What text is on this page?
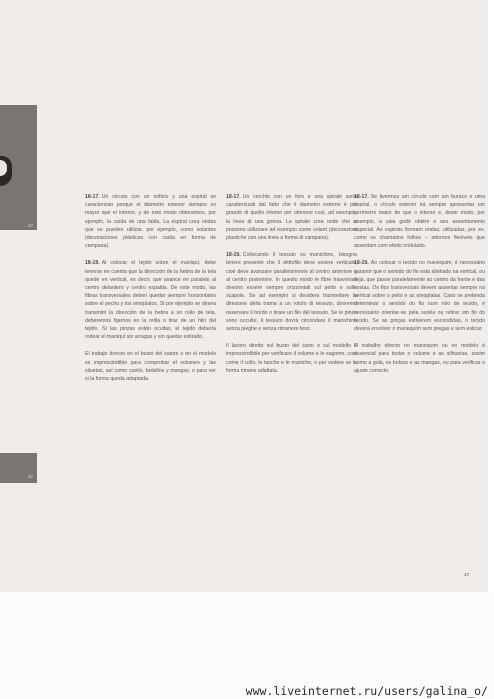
17
17

18-17. Un círculo con un orificio y una espiral se caracterizan porque el diámetro exterior siempre es mayor que el interior, y de este modo obtenemos, por ejemplo, la caída de una falda. La espiral crea ondas que se pueden utilizar, por ejemplo, como volantes (decoraciones plásticas con caída en forma de campana).

18-19. Al colocar el tejido sobre el maniquí, debe tenerse en cuenta que la dirección de la hebra de la tela quede en vertical, es decir, que avance en paralelo al centro delantero y centro espalda. De este modo, las fibras transversales deben quedar siempre horizontales sobre el pecho y los omóplatos. Si por ejemplo se desea transmitir la dirección de la hebra a un rollo de tela, deberemos fijarnos en la orilla o tirar de un hilo del tejido. Si las pinzas están ocultas, el tejido debería rodear el maniquí sin arrugas y sin quedar estirado.

El trabajo directo en el busto del sastre o en el modelo es imprescindible para comprobar el volumen y las siluetas, así como cuello, bolsillos y mangas, o para ver si la forma queda adaptada.

18-17. Un cerchio con un foro e una spirale sono caratterizzati dal fatto che il diametro esterno è più grande di quello interno per ottenere così, ad esempio, la linea di una gonna. La spirale crea onde che si possono utilizzare ad esempio come volant (decorazioni plastiche con una linea a forma di campana).

18-19. Collocando il tessuto su manichino, bisogna tenere presente che il drittofilo deve essere verticale, cioè deve avanzare parallelamente al centro anteriore e al centro posteriore. In questo modo le fibre trasversali devono essere sempre orizzontali sul petto e sulle scapole. Se ad esempio si desidera trasmettere la direzione della trama a un rotolo di tessuto, dovremo osservare il bordo o tirare un filo del tessuto. Se le pinze sono occulte, il tessuto dovrà circondare il manichino senza pieghe e senza rimanere teso.

Il lavoro diretto sul busto del sarto o sul modello è imprescindibile per verificare il volume e le sagome, così come il collo, le tasche e le maniche, o per vedere se la forma rimane adattata.

18-17. Se tivermos um círculo com um buraco e uma espiral, o círculo exterior irá sempre apresentar um perímetro maior do que o interior e, deste modo, por exemplo, a saia godé obtém o seu assentamento especial. As espirais formam ondas, utilizadas, por ex. como os chamados folhos – adornos flexíveis que assentam com efeito ondulado.

18-19. Ao colocar o tecido no manequim, é necessário garantir que o sentido do fio está alinhado na vertical, ou seja, que passe paralelamente ao centro da frente e das costas. Os fios transversais devem assentar sempre na vertical sobre o peito e as omoplatas. Caso se pretenda determinar o sentido do fio num rolo de tecido, é necessário orientar-se pela ourela ou retirar um fio do tecido. Se as pinças estiverem escondidas, o tecido deverá envolver o manequim sem pregas e sem esticar.

O trabalho directo no manequim ou no modelo é essencial para testar o volume e as silhuetas, assim como a gola, os bolsos e as mangas, ou para verificar o ajuste correcto.

17
www.liveinternet.ru/users/galina_o/
